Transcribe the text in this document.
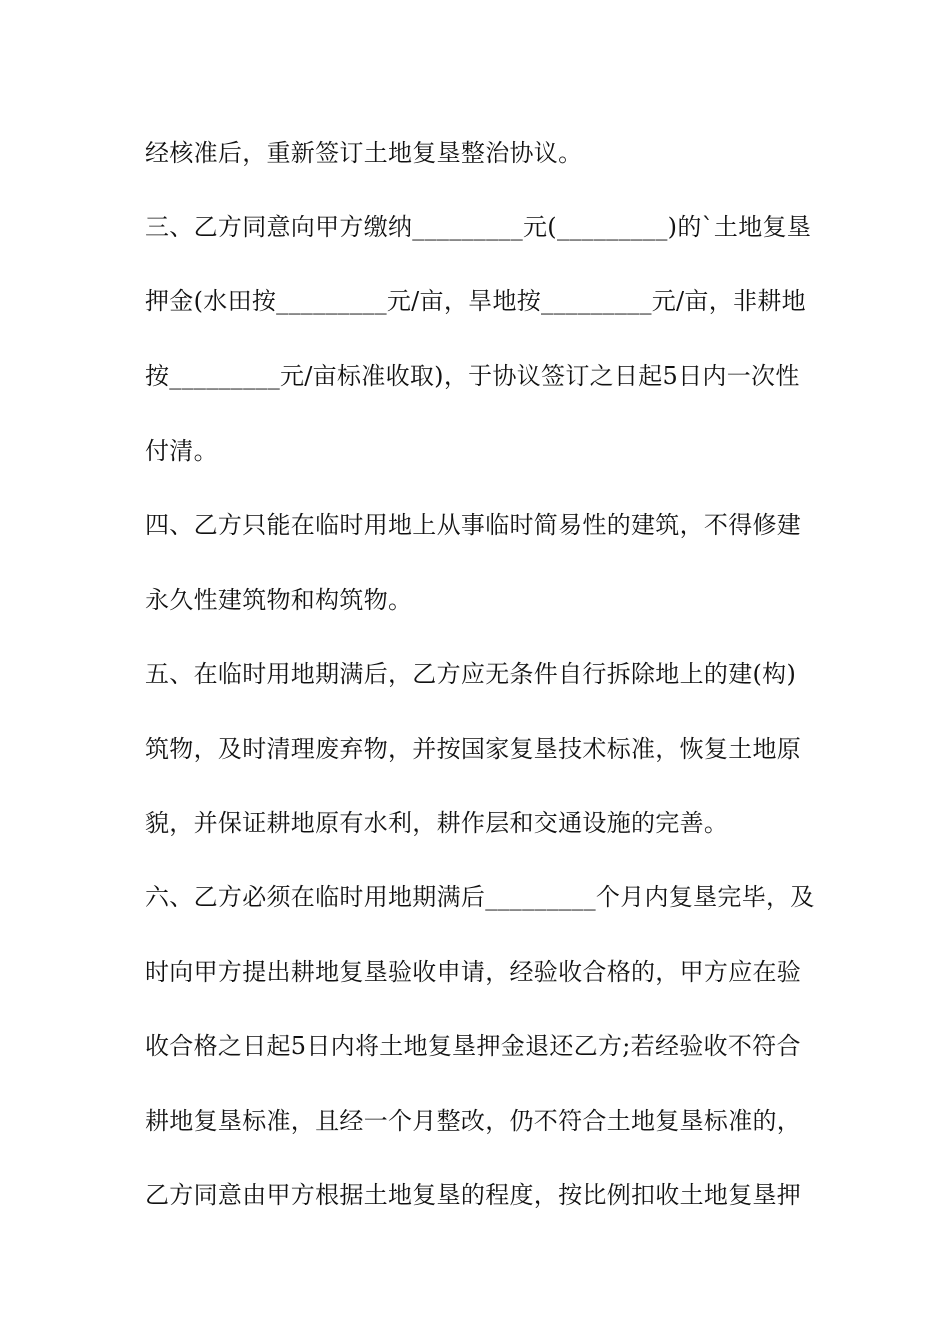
经核准后，重新签订土地复垦整治协议。
三、乙方同意向甲方缴纳_________元(_________)的`土地复垦
押金(水田按_________元/亩，旱地按_________元/亩，非耕地
按_________元/亩标准收取)，于协议签订之日起5日内一次性
付清。
四、乙方只能在临时用地上从事临时简易性的建筑，不得修建
永久性建筑物和构筑物。
五、在临时用地期满后，乙方应无条件自行拆除地上的建(构)
筑物，及时清理废弃物，并按国家复垦技术标准，恢复土地原
貌，并保证耕地原有水利，耕作层和交通设施的完善。
六、乙方必须在临时用地期满后_________个月内复垦完毕，及
时向甲方提出耕地复垦验收申请，经验收合格的，甲方应在验
收合格之日起5日内将土地复垦押金退还乙方;若经验收不符合
耕地复垦标准，且经一个月整改，仍不符合土地复垦标准的，
乙方同意由甲方根据土地复垦的程度，按比例扣收土地复垦押
